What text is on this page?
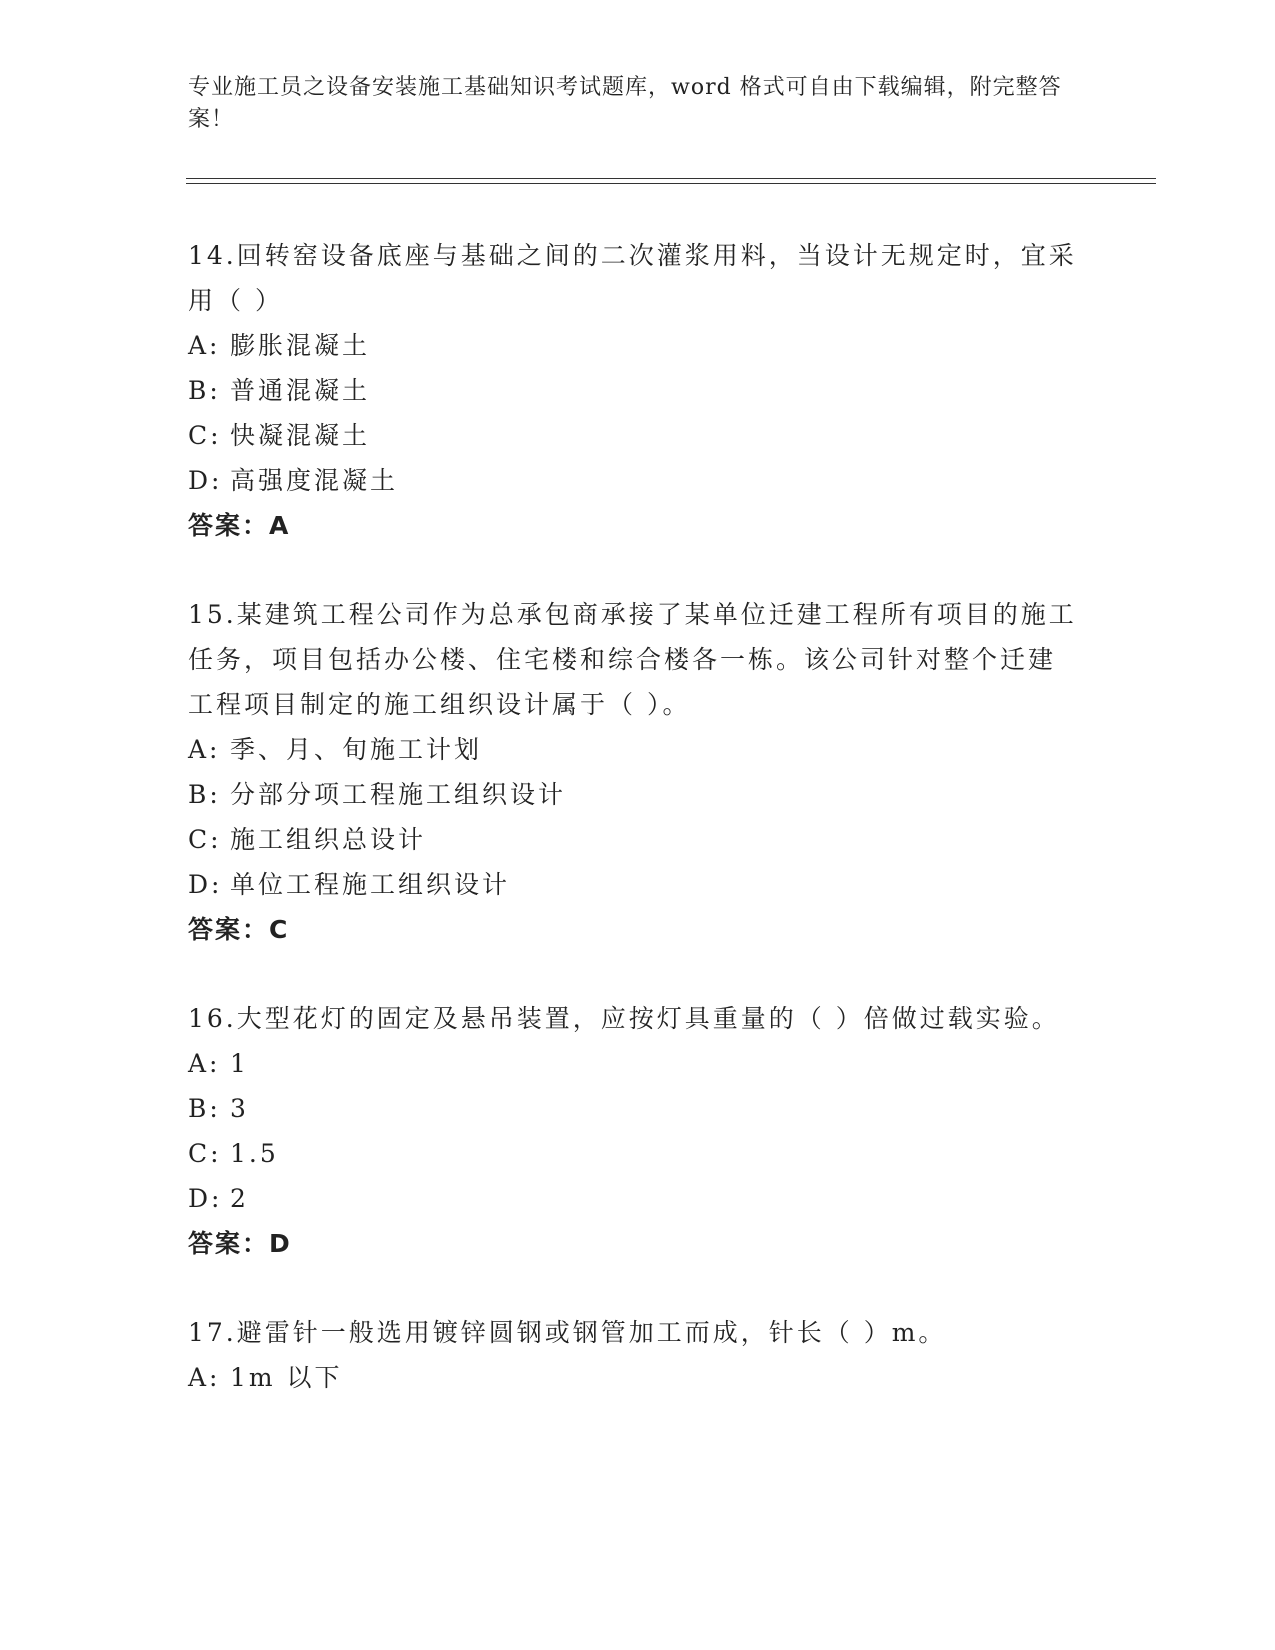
专业施工员之设备安装施工基础知识考试题库，word 格式可自由下载编辑，附完整答案！
14.回转窑设备底座与基础之间的二次灌浆用料，当设计无规定时，宜采用（ ）
A: 膨胀混凝土
B: 普通混凝土
C: 快凝混凝土
D: 高强度混凝土
答案：A
15.某建筑工程公司作为总承包商承接了某单位迁建工程所有项目的施工任务，项目包括办公楼、住宅楼和综合楼各一栋。该公司针对整个迁建工程项目制定的施工组织设计属于（ ）。
A: 季、月、旬施工计划
B: 分部分项工程施工组织设计
C: 施工组织总设计
D: 单位工程施工组织设计
答案：C
16.大型花灯的固定及悬吊装置，应按灯具重量的（ ）倍做过载实验。
A: 1
B: 3
C: 1.5
D: 2
答案：D
17.避雷针一般选用镀锌圆钢或钢管加工而成，针长（ ）m。
A: 1m 以下
